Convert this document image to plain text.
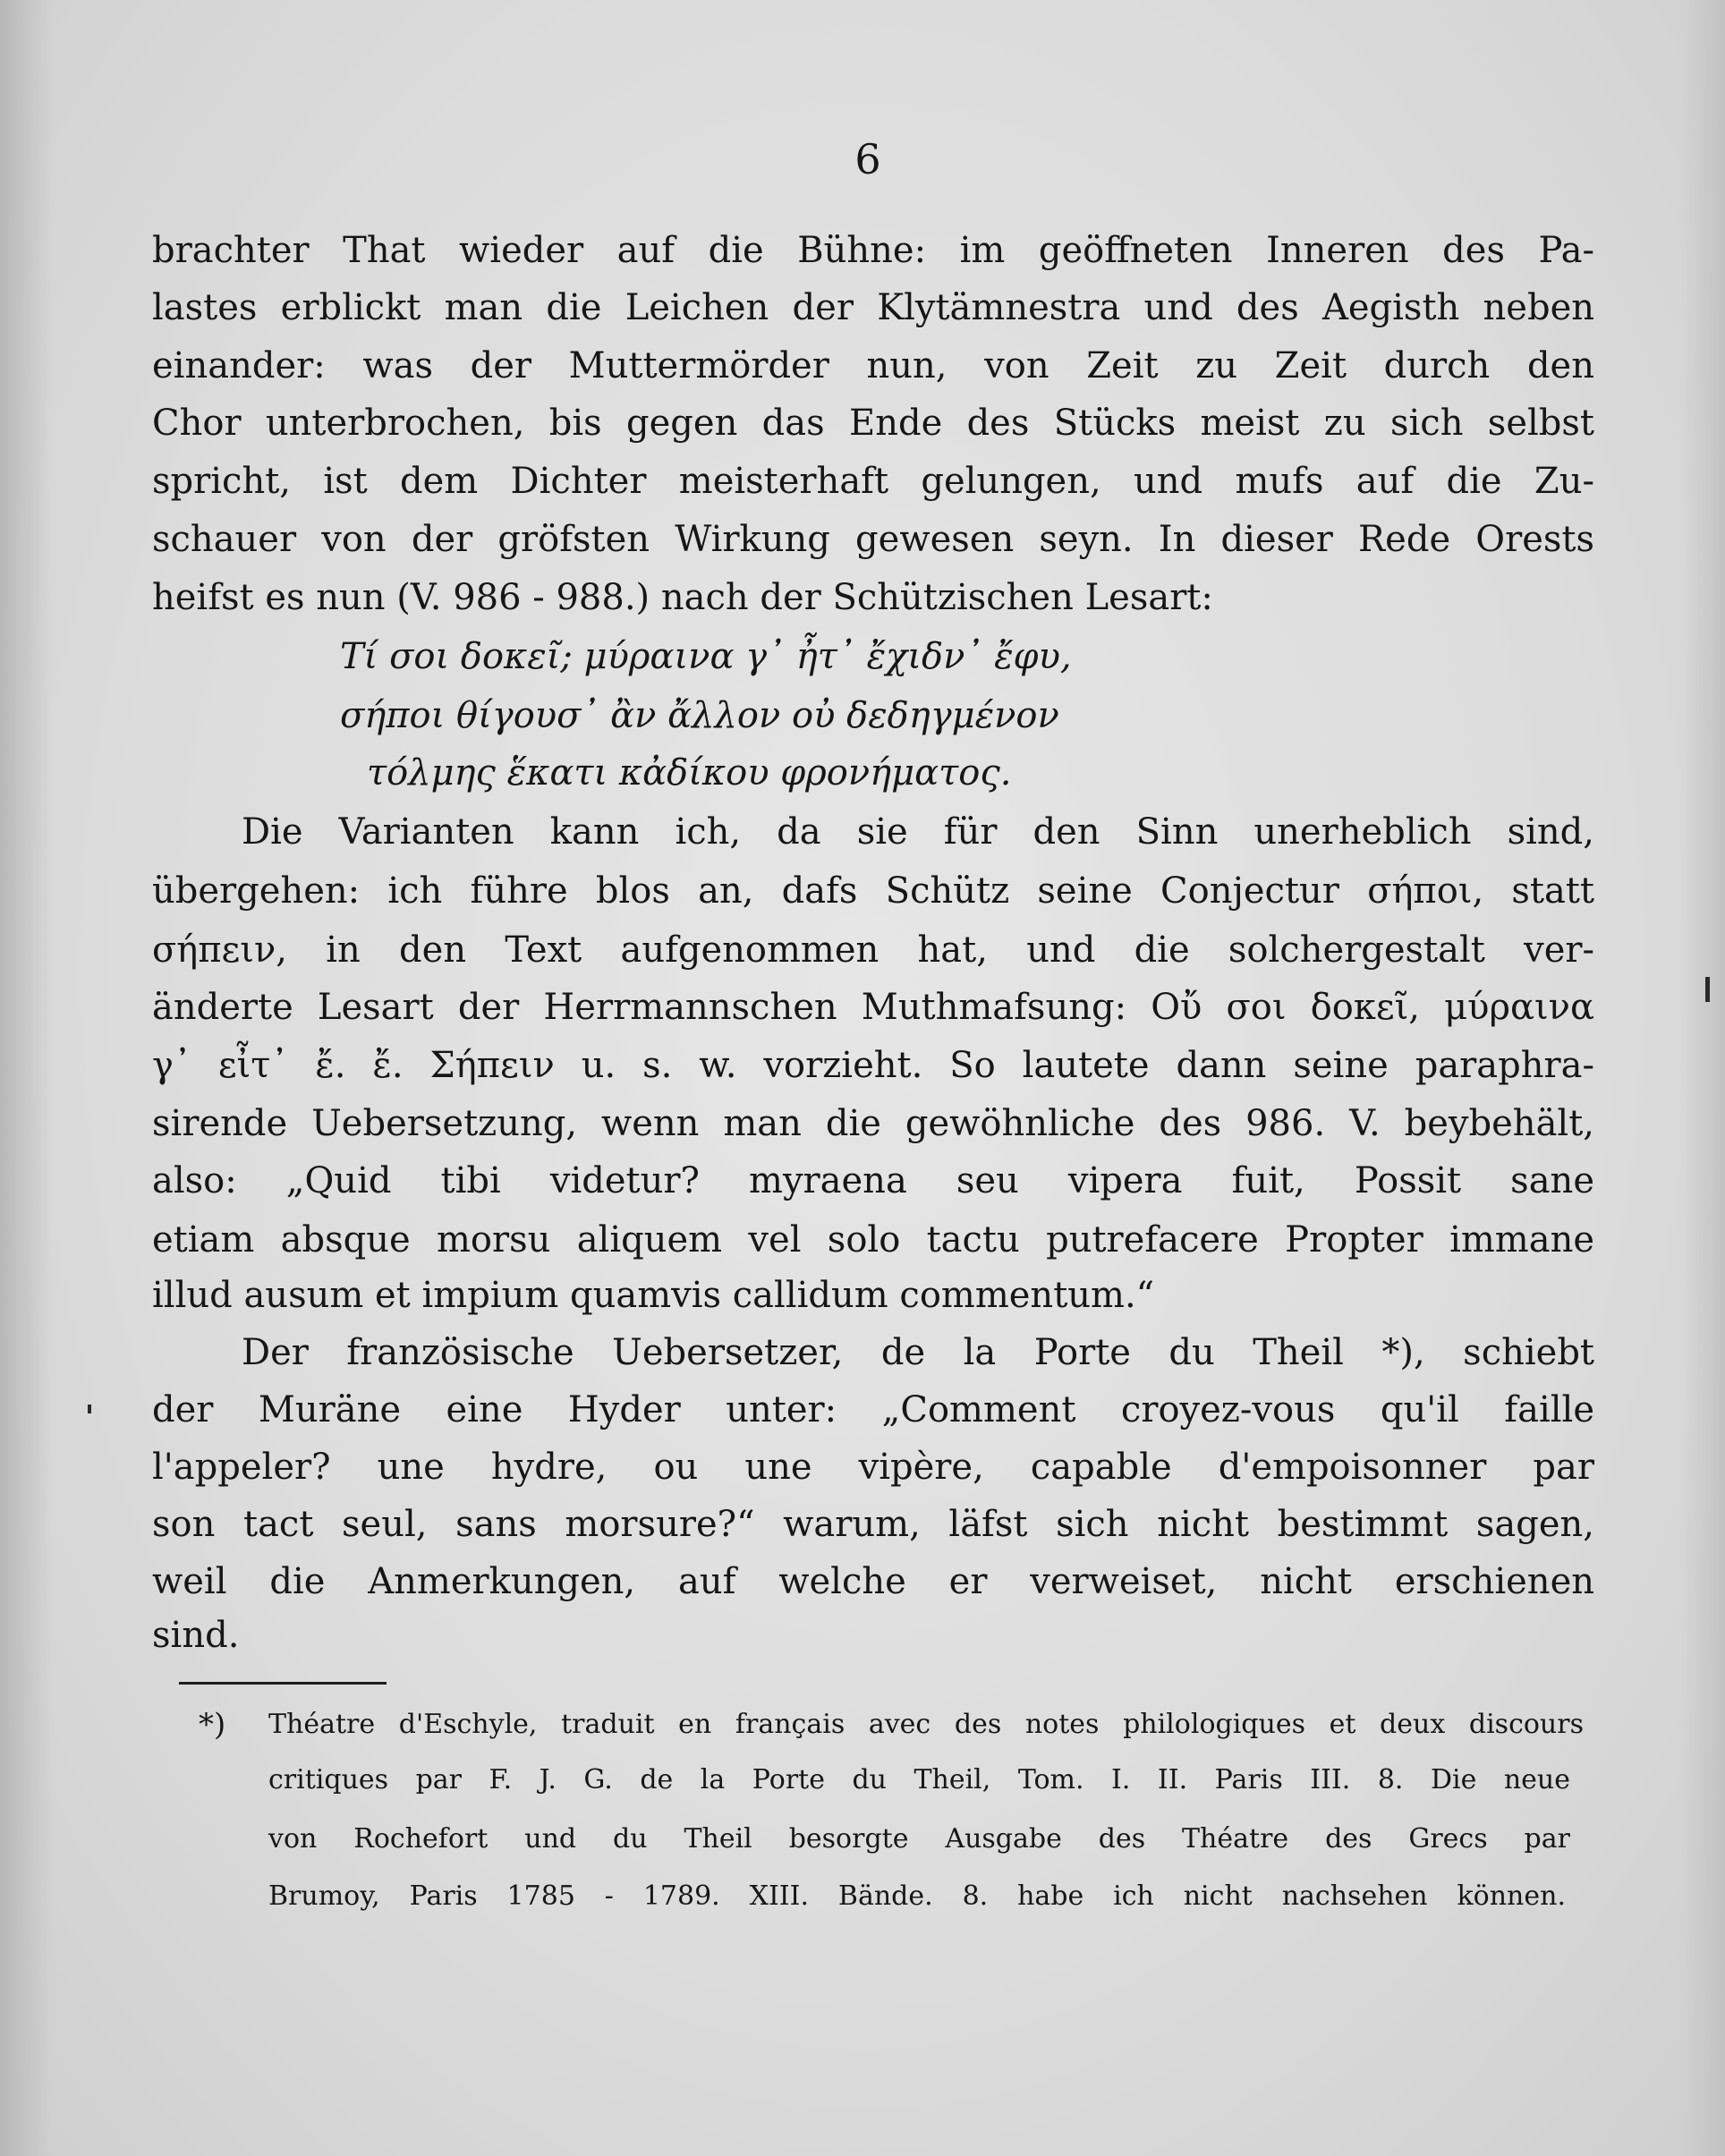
6
brachter That wieder auf die Bühne: im geöffneten Inneren des Pa-
lastes erblickt man die Leichen der Klytämnestra und des Aegisth neben
einander: was der Muttermörder nun, von Zeit zu Zeit durch den
Chor unterbrochen, bis gegen das Ende des Stücks meist zu sich selbst
spricht, ist dem Dichter meisterhaft gelungen, und mufs auf die Zu-
schauer von der gröfsten Wirkung gewesen seyn. In dieser Rede Orests
heifst es nun (V. 986 - 988.) nach der Schützischen Lesart:
Τί σοι δοκεῖ; μύραινα γ᾽ ἦτ᾽ ἔχιδν᾽ ἔφυ,
σήποι θίγουσ᾽ ἂν ἄλλον οὐ δεδηγμένον
τόλμης ἕκατι κἀδίκου φρονήματος.
Die Varianten kann ich, da sie für den Sinn unerheblich sind,
übergehen: ich führe blos an, dafs Schütz seine Conjectur σήποι, statt
σήπειν, in den Text aufgenommen hat, und die solchergestalt ver-
änderte Lesart der Herrmannschen Muthmafsung: Οὔ σοι δοκεῖ, μύραινα
γ᾽ εἶτ᾽ ἔ. ἔ. Σήπειν u. s. w. vorzieht. So lautete dann seine paraphra-
sirende Uebersetzung, wenn man die gewöhnliche des 986. V. beybehält,
also: „Quid tibi videtur? myraena seu vipera fuit, Possit sane
etiam absque morsu aliquem vel solo tactu putrefacere Propter immane
illud ausum et impium quamvis callidum commentum.“
Der französische Uebersetzer, de la Porte du Theil *), schiebt
der Muräne eine Hyder unter: „Comment croyez-vous qu'il faille
l'appeler? une hydre, ou une vipère, capable d'empoisonner par
son tact seul, sans morsure?“ warum, läfst sich nicht bestimmt sagen,
weil die Anmerkungen, auf welche er verweiset, nicht erschienen
sind.
*) Théatre d'Eschyle, traduit en français avec des notes philologiques et deux discours
critiques par F. J. G. de la Porte du Theil, Tom. I. II. Paris III. 8. Die neue
von Rochefort und du Theil besorgte Ausgabe des Théatre des Grecs par
Brumoy, Paris 1785 - 1789. XIII. Bände. 8. habe ich nicht nachsehen können.
